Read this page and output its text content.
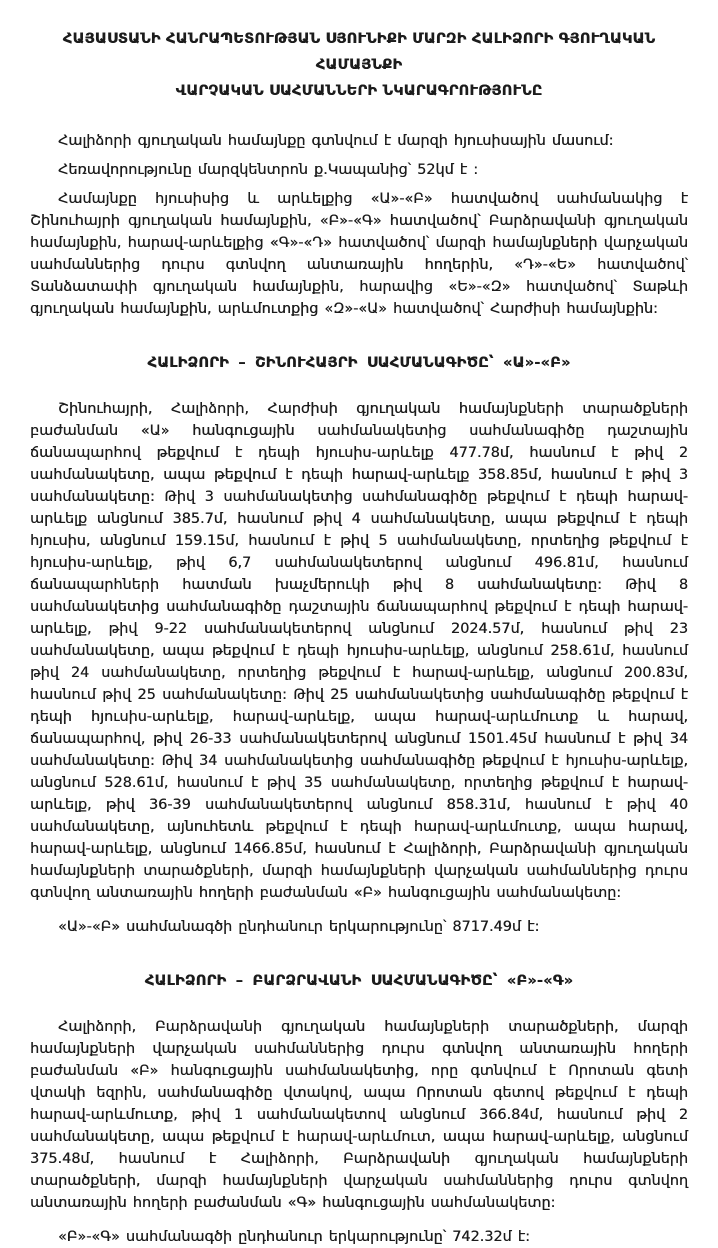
ՀԱՅԱՍՏԱՆԻ ՀԱՆՐԱՊԵՏՈՒԹՅԱՆ ՍՅՈՒՆԻՔԻ ՄԱՐԶԻ ՀԱԼԻՁՈՐԻ ԳՅՈՒՂԱԿԱՆ ՀԱՄԱՅՆՔԻ
ՎԱՐՉԱԿԱՆ ՍԱՀՄԱՆՆԵՐԻ ՆԿԱՐԱԳՐՈՒԹՅՈՒՆԸ

Հալիձորի գյուղական համայնքը գտնվում է մարզի հյուսիսային մասում:

Հեռավորությունը մարզկենտրոն ք.Կապանից՝ 52կմ է :

Համայնքը հյուսիսից և արևելքից «Ա»-«Բ» հատվածով սահմանակից է Շինուհայրի գյուղական համայնքին, «Բ»-«Գ» հատվածով՝ Բարձրավանի գյուղական համայնքին, հարավ-արևելքից «Գ»-«Դ» հատվածով՝ մարզի համայնքների վարչական սահմաններից դուրս գտնվող անտառային հողերին, «Դ»-«Ե» հատվածով՝ Տանձատափի գյուղական համայնքին, հարավից «Ե»-«Զ» հատվածով՝ Տաթևի գյուղական համայնքին, արևմուտքից «Զ»-«Ա» հատվածով՝ Հարժիսի համայնքին:

ՀԱԼԻՁՈՐԻ – ՇԻՆՈՒՀԱՅՐԻ ՍԱՀՄԱՆԱԳԻԾԸ՝ «Ա»-«Բ»

Շինուհայրի, Հալիձորի, Հարժիսի գյուղական համայնքների տարածքների բաժանման «Ա» հանգուցային սահմանակետից սահմանագիծը դաշտային ճանապարհով թեքվում է դեպի հյուսիս-արևելք 477.78մ, հասնում է թիվ 2 սահմանակետը, ապա թեքվում է դեպի հարավ-արևելք 358.85մ, հասնում է թիվ 3 սահմանակետը: Թիվ 3 սահմանակետից սահմանագիծը թեքվում է դեպի հարավ-արևելք անցնում 385.7մ, հասնում թիվ 4 սահմանակետը, ապա թեքվում է դեպի հյուսիս, անցնում 159.15մ, հասնում է թիվ 5 սահմանակետը, որտեղից թեքվում է հյուսիս-արևելք, թիվ 6,7 սահմանակետերով անցնում 496.81մ, հասնում ճանապարհների հատման խաչմերուկի թիվ 8 սահմանակետը: Թիվ 8 սահմանակետից սահմանագիծը դաշտային ճանապարհով թեքվում է դեպի հարավ-արևելք, թիվ 9-22 սահմանակետերով անցնում 2024.57մ, հասնում թիվ 23 սահմանակետը, ապա թեքվում է դեպի հյուսիս-արևելք, անցնում 258.61մ, հասնում թիվ 24 սահմանակետը, որտեղից թեքվում է հարավ-արևելք, անցնում 200.83մ, հասնում թիվ 25 սահմանակետը: Թիվ 25 սահմանակետից սահմանագիծը թեքվում է դեպի հյուսիս-արևելք, հարավ-արևելք, ապա հարավ-արևմուտք և հարավ, ճանապարհով, թիվ 26-33 սահմանակետերով անցնում 1501.45մ հասնում է թիվ 34 սահմանակետը: Թիվ 34 սահմանակետից սահմանագիծը թեքվում է հյուսիս-արևելք, անցնում 528.61մ, հասնում է թիվ 35 սահմանակետը, որտեղից թեքվում է հարավ-արևելք, թիվ 36-39 սահմանակետերով անցնում 858.31մ, հասնում է թիվ 40 սահմանակետը, այնուհետև թեքվում է դեպի հարավ-արևմուտք, ապա հարավ, հարավ-արևելք, անցնում 1466.85մ, հասնում է Հալիձորի, Բարձրավանի գյուղական համայնքների տարածքների, մարզի համայնքների վարչական սահմաններից դուրս գտնվող անտառային հողերի բաժանման «Բ» հանգուցային սահմանակետը:

«Ա»-«Բ» սահմանագծի ընդհանուր երկարությունը՝ 8717.49մ է:

ՀԱԼԻՁՈՐԻ – ԲԱՐՁՐԱՎԱՆԻ ՍԱՀՄԱՆԱԳԻԾԸ՝ «Բ»-«Գ»

Հալիձորի, Բարձրավանի գյուղական համայնքների տարածքների, մարզի համայնքների վարչական սահմաններից դուրս գտնվող անտառային հողերի բաժանման «Բ» հանգուցային սահմանակետից, որը գտնվում է Որոտան գետի վտակի եզրին, սահմանագիծը վտակով, ապա Որոտան գետով թեքվում է դեպի հարավ-արևմուտք, թիվ 1 սահմանակետով անցնում 366.84մ, հասնում թիվ 2 սահմանակետը, ապա թեքվում է հարավ-արևմուտ, ապա հարավ-արևելք, անցնում 375.48մ, հասնում է Հալիձորի, Բարձրավանի գյուղական համայնքների տարածքների, մարզի համայնքների վարչական սահմաններից դուրս գտնվող անտառային հողերի բաժանման «Գ» հանգուցային սահմանակետը:

«Բ»-«Գ» սահմանագծի ընդհանուր երկարությունը՝ 742.32մ է:
